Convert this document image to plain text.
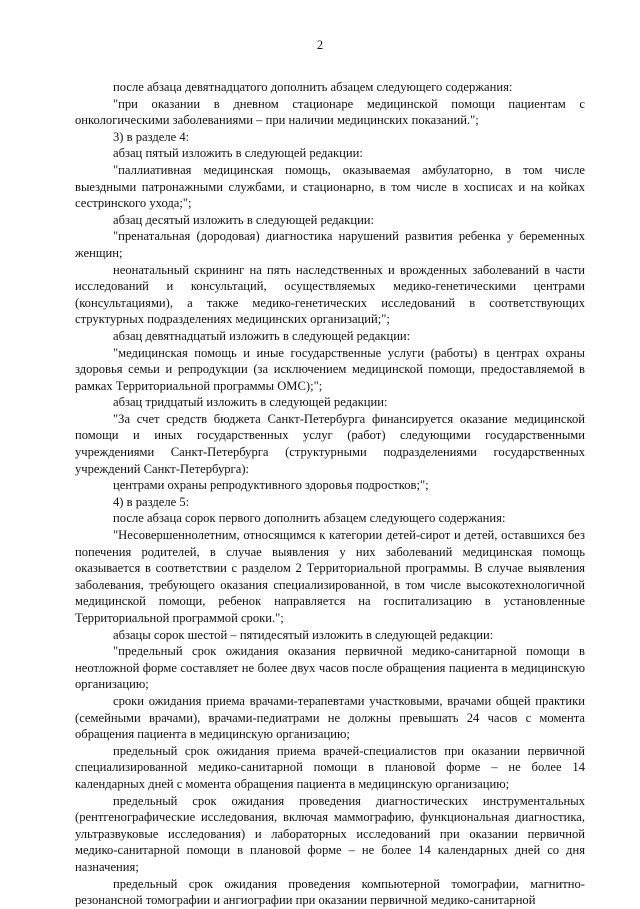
2

после абзаца девятнадцатого дополнить абзацем следующего содержания:

"при оказании в дневном стационаре медицинской помощи пациентам с онкологическими заболеваниями – при наличии медицинских показаний.";

3) в разделе 4:

абзац пятый изложить в следующей редакции:

"паллиативная медицинская помощь, оказываемая амбулаторно, в том числе выездными патронажными службами, и стационарно, в том числе в хосписах и на койках сестринского ухода;";

абзац десятый изложить в следующей редакции:

"пренатальная (дородовая) диагностика нарушений развития ребенка у беременных женщин;

неонатальный скрининг на пять наследственных и врожденных заболеваний в части исследований и консультаций, осуществляемых медико-генетическими центрами (консультациями), а также медико-генетических исследований в соответствующих структурных подразделениях медицинских организаций;";

абзац девятнадцатый изложить в следующей редакции:

"медицинская помощь и иные государственные услуги (работы) в центрах охраны здоровья семьи и репродукции (за исключением медицинской помощи, предоставляемой в рамках Территориальной программы ОМС);";

абзац тридцатый изложить в следующей редакции:

"За счет средств бюджета Санкт-Петербурга финансируется оказание медицинской помощи и иных государственных услуг (работ) следующими государственными учреждениями Санкт-Петербурга (структурными подразделениями государственных учреждений Санкт-Петербурга):

центрами охраны репродуктивного здоровья подростков;";

4) в разделе 5:

после абзаца сорок первого дополнить абзацем следующего содержания:

"Несовершеннолетним, относящимся к категории детей-сирот и детей, оставшихся без попечения родителей, в случае выявления у них заболеваний медицинская помощь оказывается в соответствии с разделом 2 Территориальной программы. В случае выявления заболевания, требующего оказания специализированной, в том числе высокотехнологичной медицинской помощи, ребенок направляется на госпитализацию в установленные Территориальной программой сроки.";

абзацы сорок шестой – пятидесятый изложить в следующей редакции:

"предельный срок ожидания оказания первичной медико-санитарной помощи в неотложной форме составляет не более двух часов после обращения пациента в медицинскую организацию;

сроки ожидания приема врачами-терапевтами участковыми, врачами общей практики (семейными врачами), врачами-педиатрами не должны превышать 24 часов с момента обращения пациента в медицинскую организацию;

предельный срок ожидания приема врачей-специалистов при оказании первичной специализированной медико-санитарной помощи в плановой форме – не более 14 календарных дней с момента обращения пациента в медицинскую организацию;

предельный срок ожидания проведения диагностических инструментальных (рентгенографические исследования, включая маммографию, функциональная диагностика, ультразвуковые исследования) и лабораторных исследований при оказании первичной медико-санитарной помощи в плановой форме – не более 14 календарных дней со дня назначения;

предельный срок ожидания проведения компьютерной томографии, магнитно-резонансной томографии и ангиографии при оказании первичной медико-санитарной
